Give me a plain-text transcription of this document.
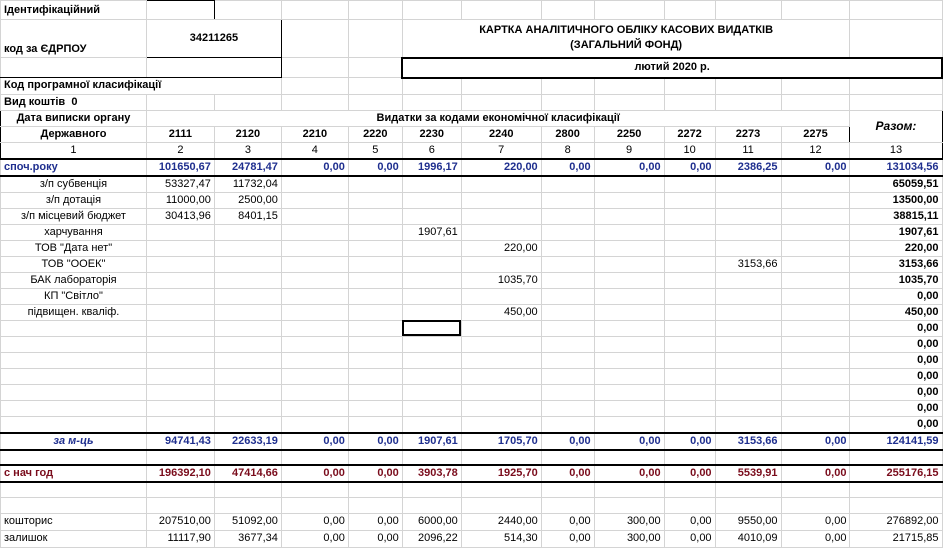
Ідентифікаційний												
код за ЄДРПОУ	34211265				КАРТКА АНАЛІТИЧНОГО ОБЛІКУ КАСОВИХ ВИДАТКІВ
(ЗАГАЛЬНИЙ ФОНД)							

					лютий 2020 р.							
Код програмної класифікації												
Вид коштів 0												
Дата виписки органу	Видатки за кодами економічної класифікації											Разом:
Державного	2111	2120	2210	2220	2230	2240	2800	2250	2272	2273	2275	
1	2	3	4	5	6	7	8	9	10	11	12	13
споч.року	101650,67	24781,47	0,00	0,00	1996,17	220,00	0,00	0,00	0,00	2386,25	0,00	131034,56
з/п субвенція	53327,47	11732,04										65059,51
з/п дотація	11000,00	2500,00										13500,00
з/п місцевий бюджет	30413,96	8401,15										38815,11
харчування					1907,61							1907,61
ТОВ "Дата нет"						220,00						220,00
ТОВ "ООЕК"										3153,66		3153,66
БАК лабораторія						1035,70						1035,70
КП "Світло"												0,00
підвищен. кваліф.						450,00						450,00
												0,00
												0,00
												0,00
												0,00
												0,00
												0,00
												0,00
за м-ць	94741,43	22633,19	0,00	0,00	1907,61	1705,70	0,00	0,00	0,00	3153,66	0,00	124141,59

с нач год	196392,10	47414,66	0,00	0,00	3903,78	1925,70	0,00	0,00	0,00	5539,91	0,00	255176,15

кошторис	207510,00	51092,00	0,00	0,00	6000,00	2440,00	0,00	300,00	0,00	9550,00	0,00	276892,00
залишок	11117,90	3677,34	0,00	0,00	2096,22	514,30	0,00	300,00	0,00	4010,09	0,00	21715,85
